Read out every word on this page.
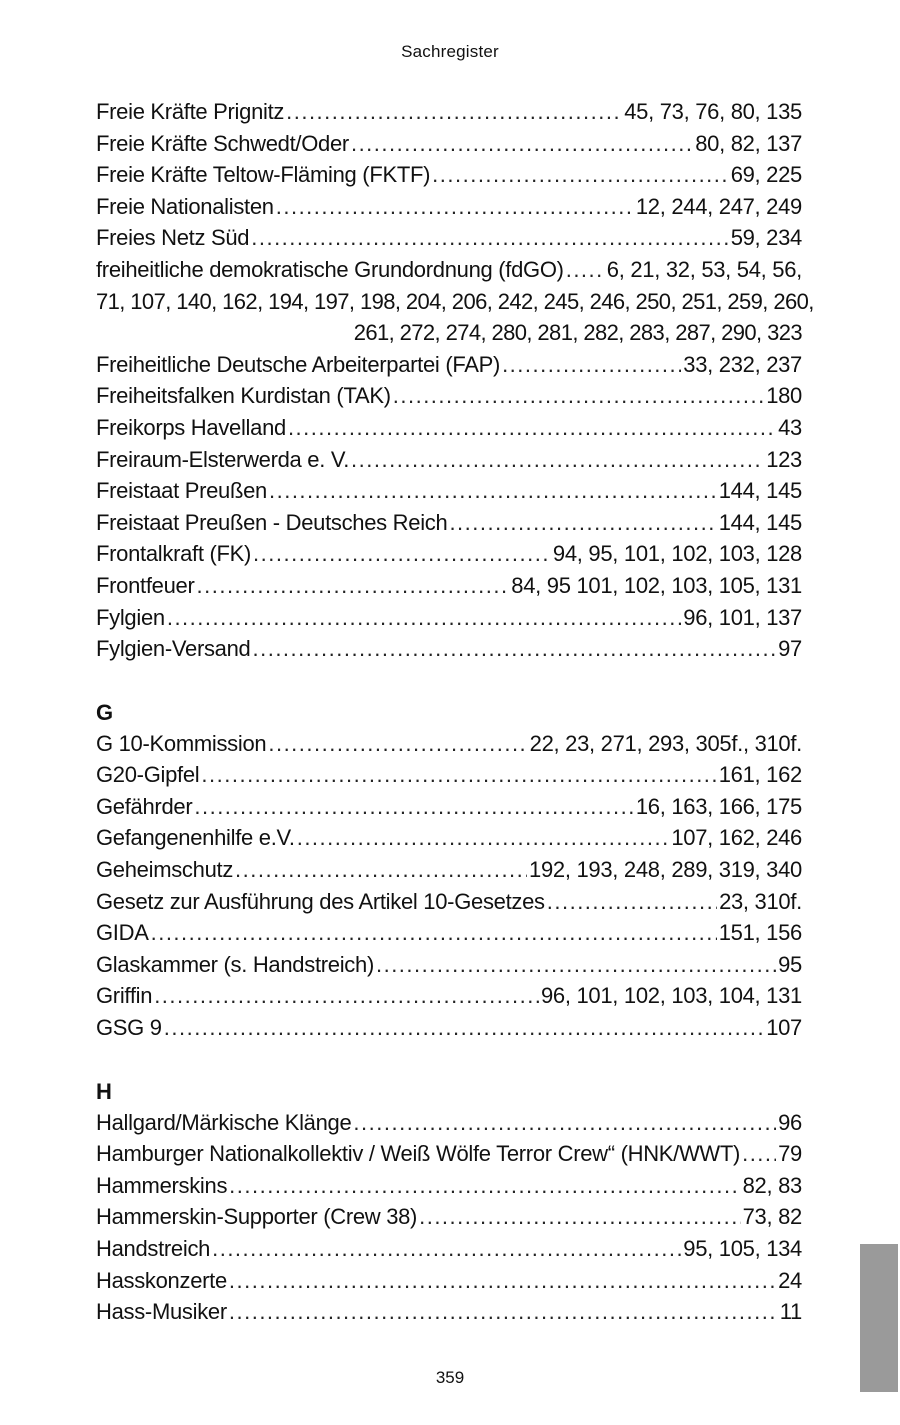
Sachregister
Freie Kräfte Prignitz .....	45, 73, 76, 80, 135
Freie Kräfte Schwedt/Oder .....	80, 82, 137
Freie Kräfte Teltow-Fläming (FKTF) .....	69, 225
Freie Nationalisten .....	12, 244, 247, 249
Freies Netz Süd .....	59, 234
freiheitliche demokratische Grundordnung (fdGO) ..... 6, 21, 32, 53, 54, 56,
71, 107, 140, 162, 194, 197, 198, 204, 206, 242, 245, 246, 250, 251, 259, 260,
261, 272, 274, 280, 281, 282, 283, 287, 290, 323
Freiheitliche Deutsche Arbeiterpartei (FAP) .....	33, 232, 237
Freiheitsfalken Kurdistan (TAK) .....	180
Freikorps Havelland .....	43
Freiraum-Elsterwerda e. V. .....	123
Freistaat Preußen .....	144, 145
Freistaat Preußen - Deutsches Reich .....	144, 145
Frontalkraft (FK) .....	94, 95, 101, 102, 103, 128
Frontfeuer .....	84, 95 101, 102, 103, 105, 131
Fylgien .....	96, 101, 137
Fylgien-Versand .....	97
G
G 10-Kommission .....	22, 23, 271, 293, 305f., 310f.
G20-Gipfel .....	161, 162
Gefährder .....	16, 163, 166, 175
Gefangenenhilfe e.V. .....	107, 162, 246
Geheimschutz .....	192, 193, 248, 289, 319, 340
Gesetz zur Ausführung des Artikel 10-Gesetzes .....	23, 310f.
GIDA .....	151, 156
Glaskammer (s. Handstreich) .....	95
Griffin .....	96, 101, 102, 103, 104, 131
GSG 9 .....	107
H
Hallgard/Märkische Klänge .....	96
Hamburger Nationalkollektiv / Weiß Wölfe Terror Crew“ (HNK/WWT) ..... 79
Hammerskins .....	82, 83
Hammerskin-Supporter (Crew 38) .....	73, 82
Handstreich .....	95, 105, 134
Hasskonzerte .....	24
Hass-Musiker .....	11
359
